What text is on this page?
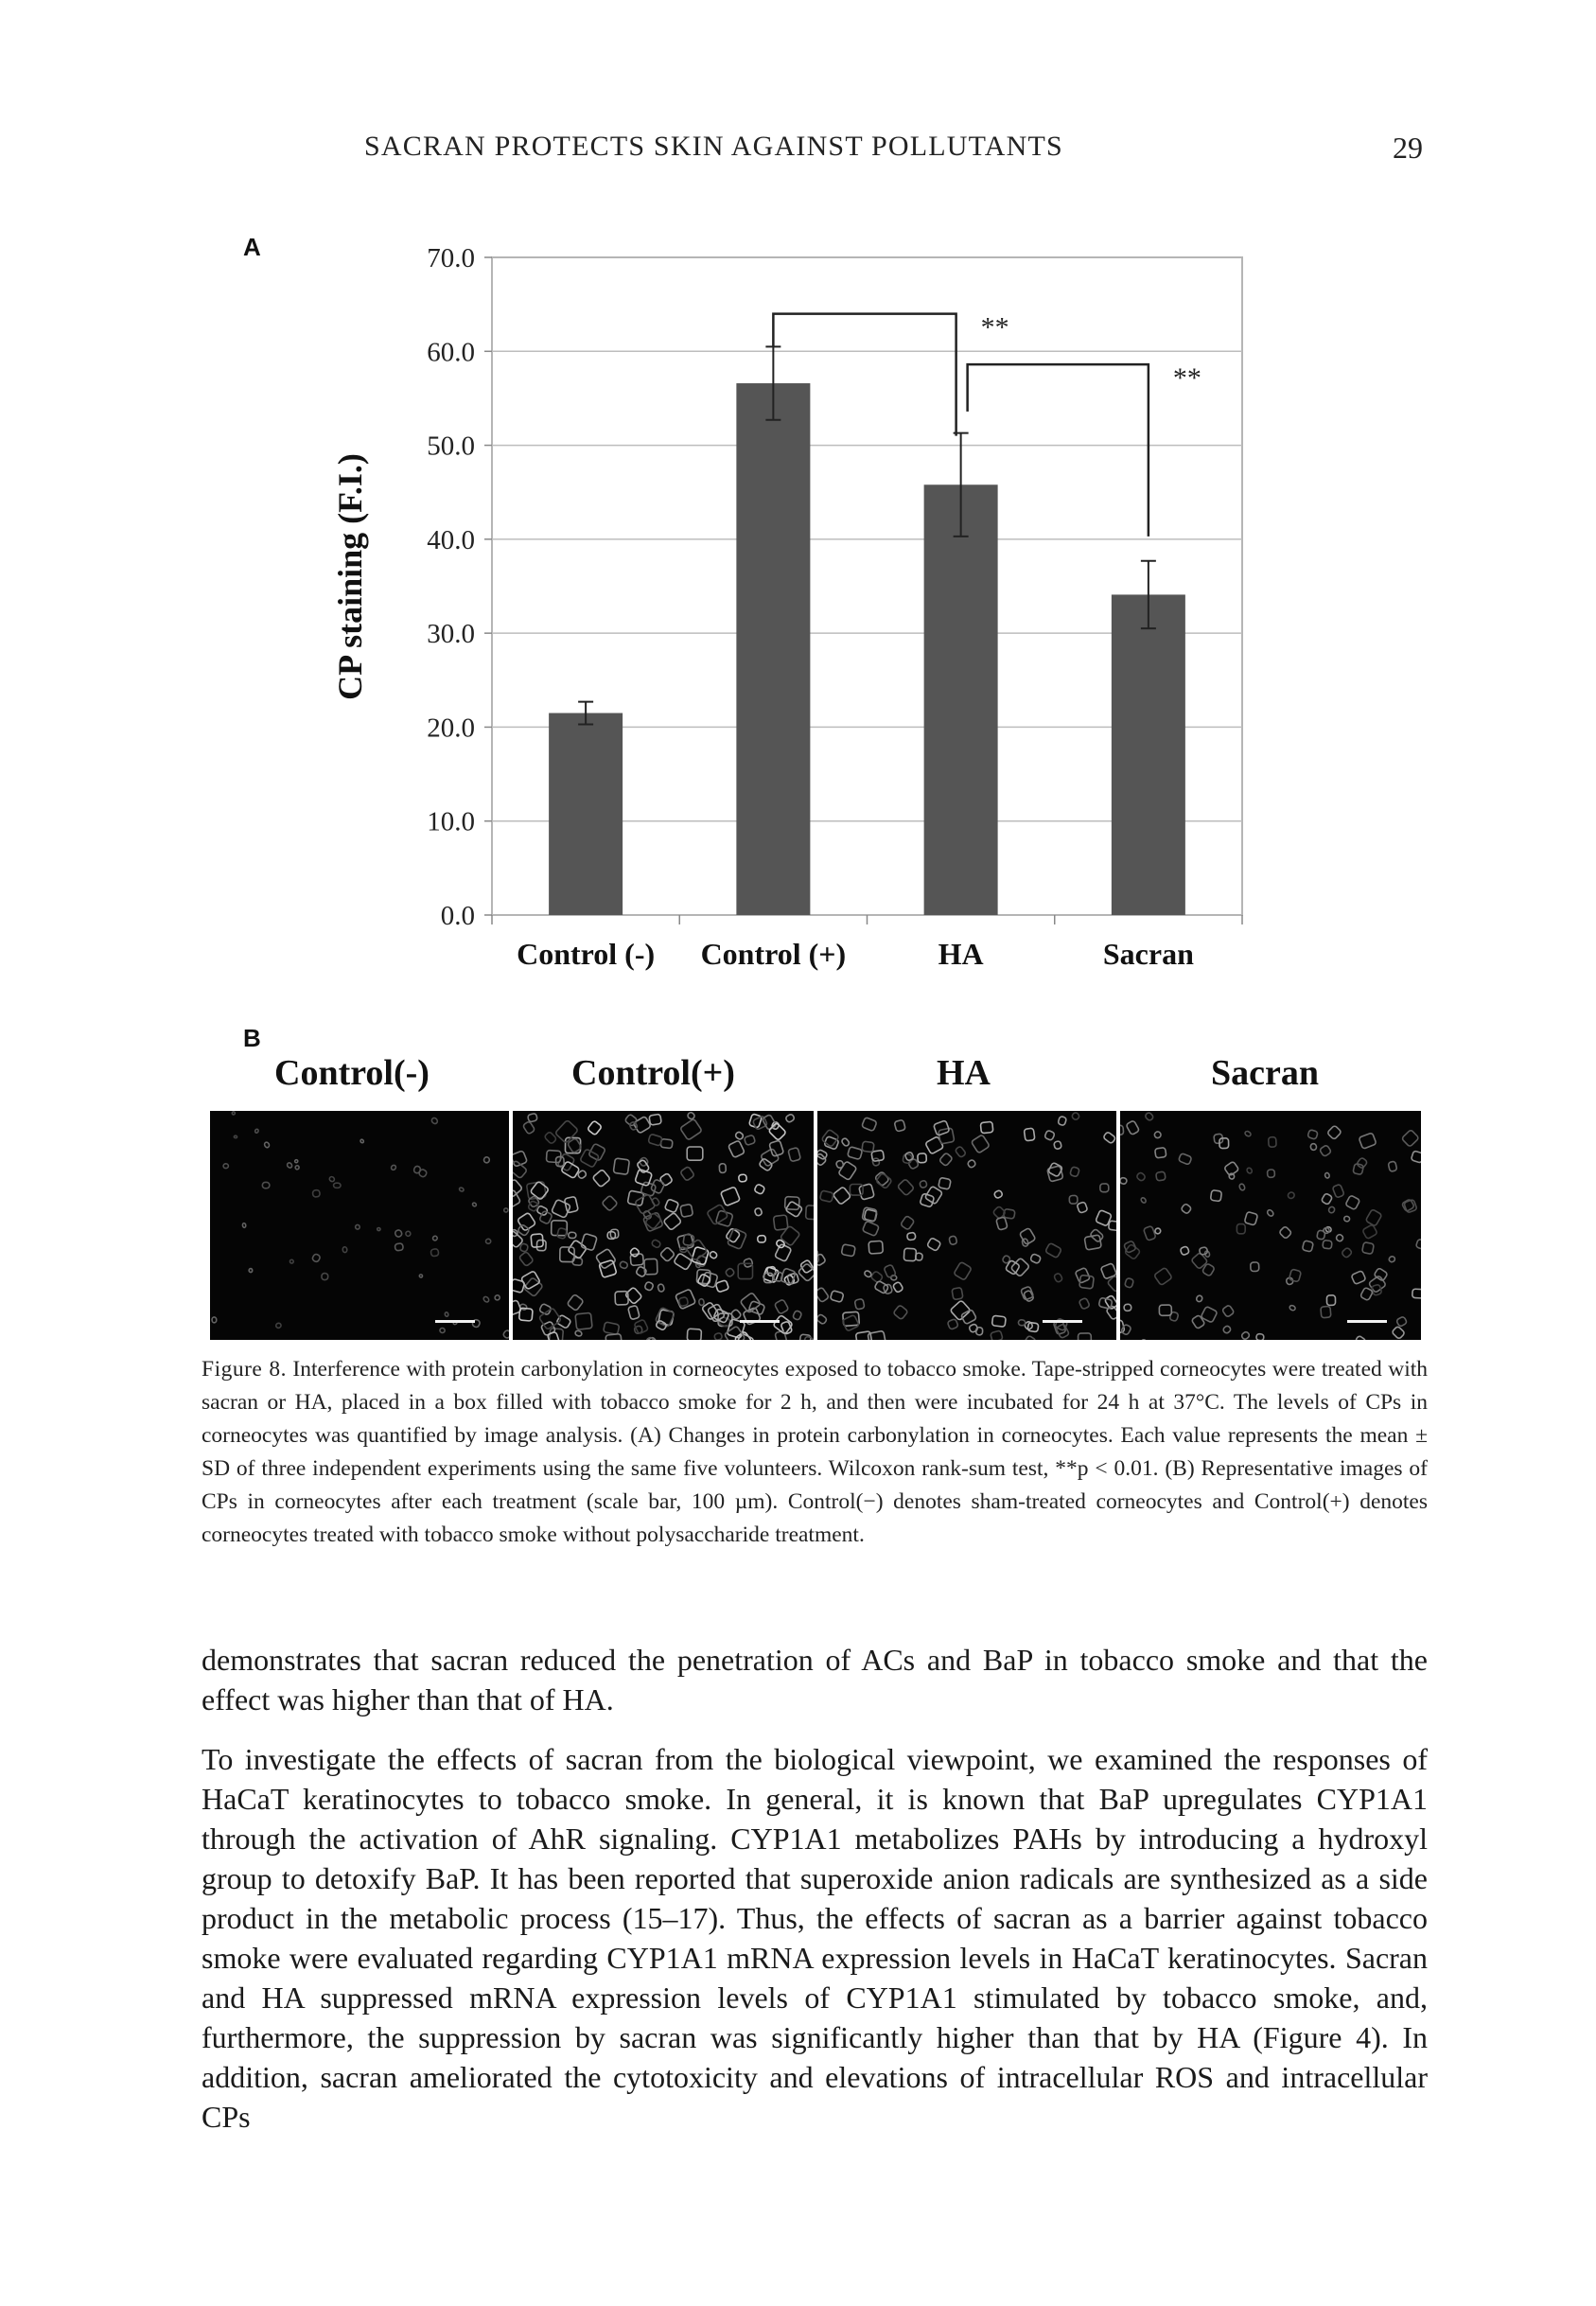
SACRAN PROTECTS SKIN AGAINST POLLUTANTS	29
A
0.0
10.0
20.0
30.0
40.0
50.0
60.0
70.0
CP staining (F.I.)
Control (-) Control (+)	HA	Sacran
**
**
B
Control(-)	Control(+)	HA	Sacran
Figure 8. Interference with protein carbonylation in corneocytes exposed to tobacco smoke. Tape-stripped corneocytes were treated with sacran or HA, placed in a box filled with tobacco smoke for 2 h, and then were incubated for 24 h at 37°C. The levels of CPs in corneocytes was quantified by image analysis. (A) Changes in protein carbonylation in corneocytes. Each value represents the mean ± SD of three independent experiments using the same five volunteers. Wilcoxon rank-sum test, **p < 0.01. (B) Representative images of CPs in corneocytes after each treatment (scale bar, 100 µm). Control(−) denotes sham-treated corneocytes and Control(+) denotes corneocytes treated with tobacco smoke without polysaccharide treatment.

demonstrates that sacran reduced the penetration of ACs and BaP in tobacco smoke and that the effect was higher than that of HA.

To investigate the effects of sacran from the biological viewpoint, we examined the responses of HaCaT keratinocytes to tobacco smoke. In general, it is known that BaP upregulates CYP1A1 through the activation of AhR signaling. CYP1A1 metabolizes PAHs by introducing a hydroxyl group to detoxify BaP. It has been reported that superoxide anion radicals are synthesized as a side product in the metabolic process (15–17). Thus, the effects of sacran as a barrier against tobacco smoke were evaluated regarding CYP1A1 mRNA expression levels in HaCaT keratinocytes. Sacran and HA suppressed mRNA expression levels of CYP1A1 stimulated by tobacco smoke, and, furthermore, the suppression by sacran was significantly higher than that by HA (Figure 4). In addition, sacran ameliorated the cytotoxicity and elevations of intracellular ROS and intracellular CPs
